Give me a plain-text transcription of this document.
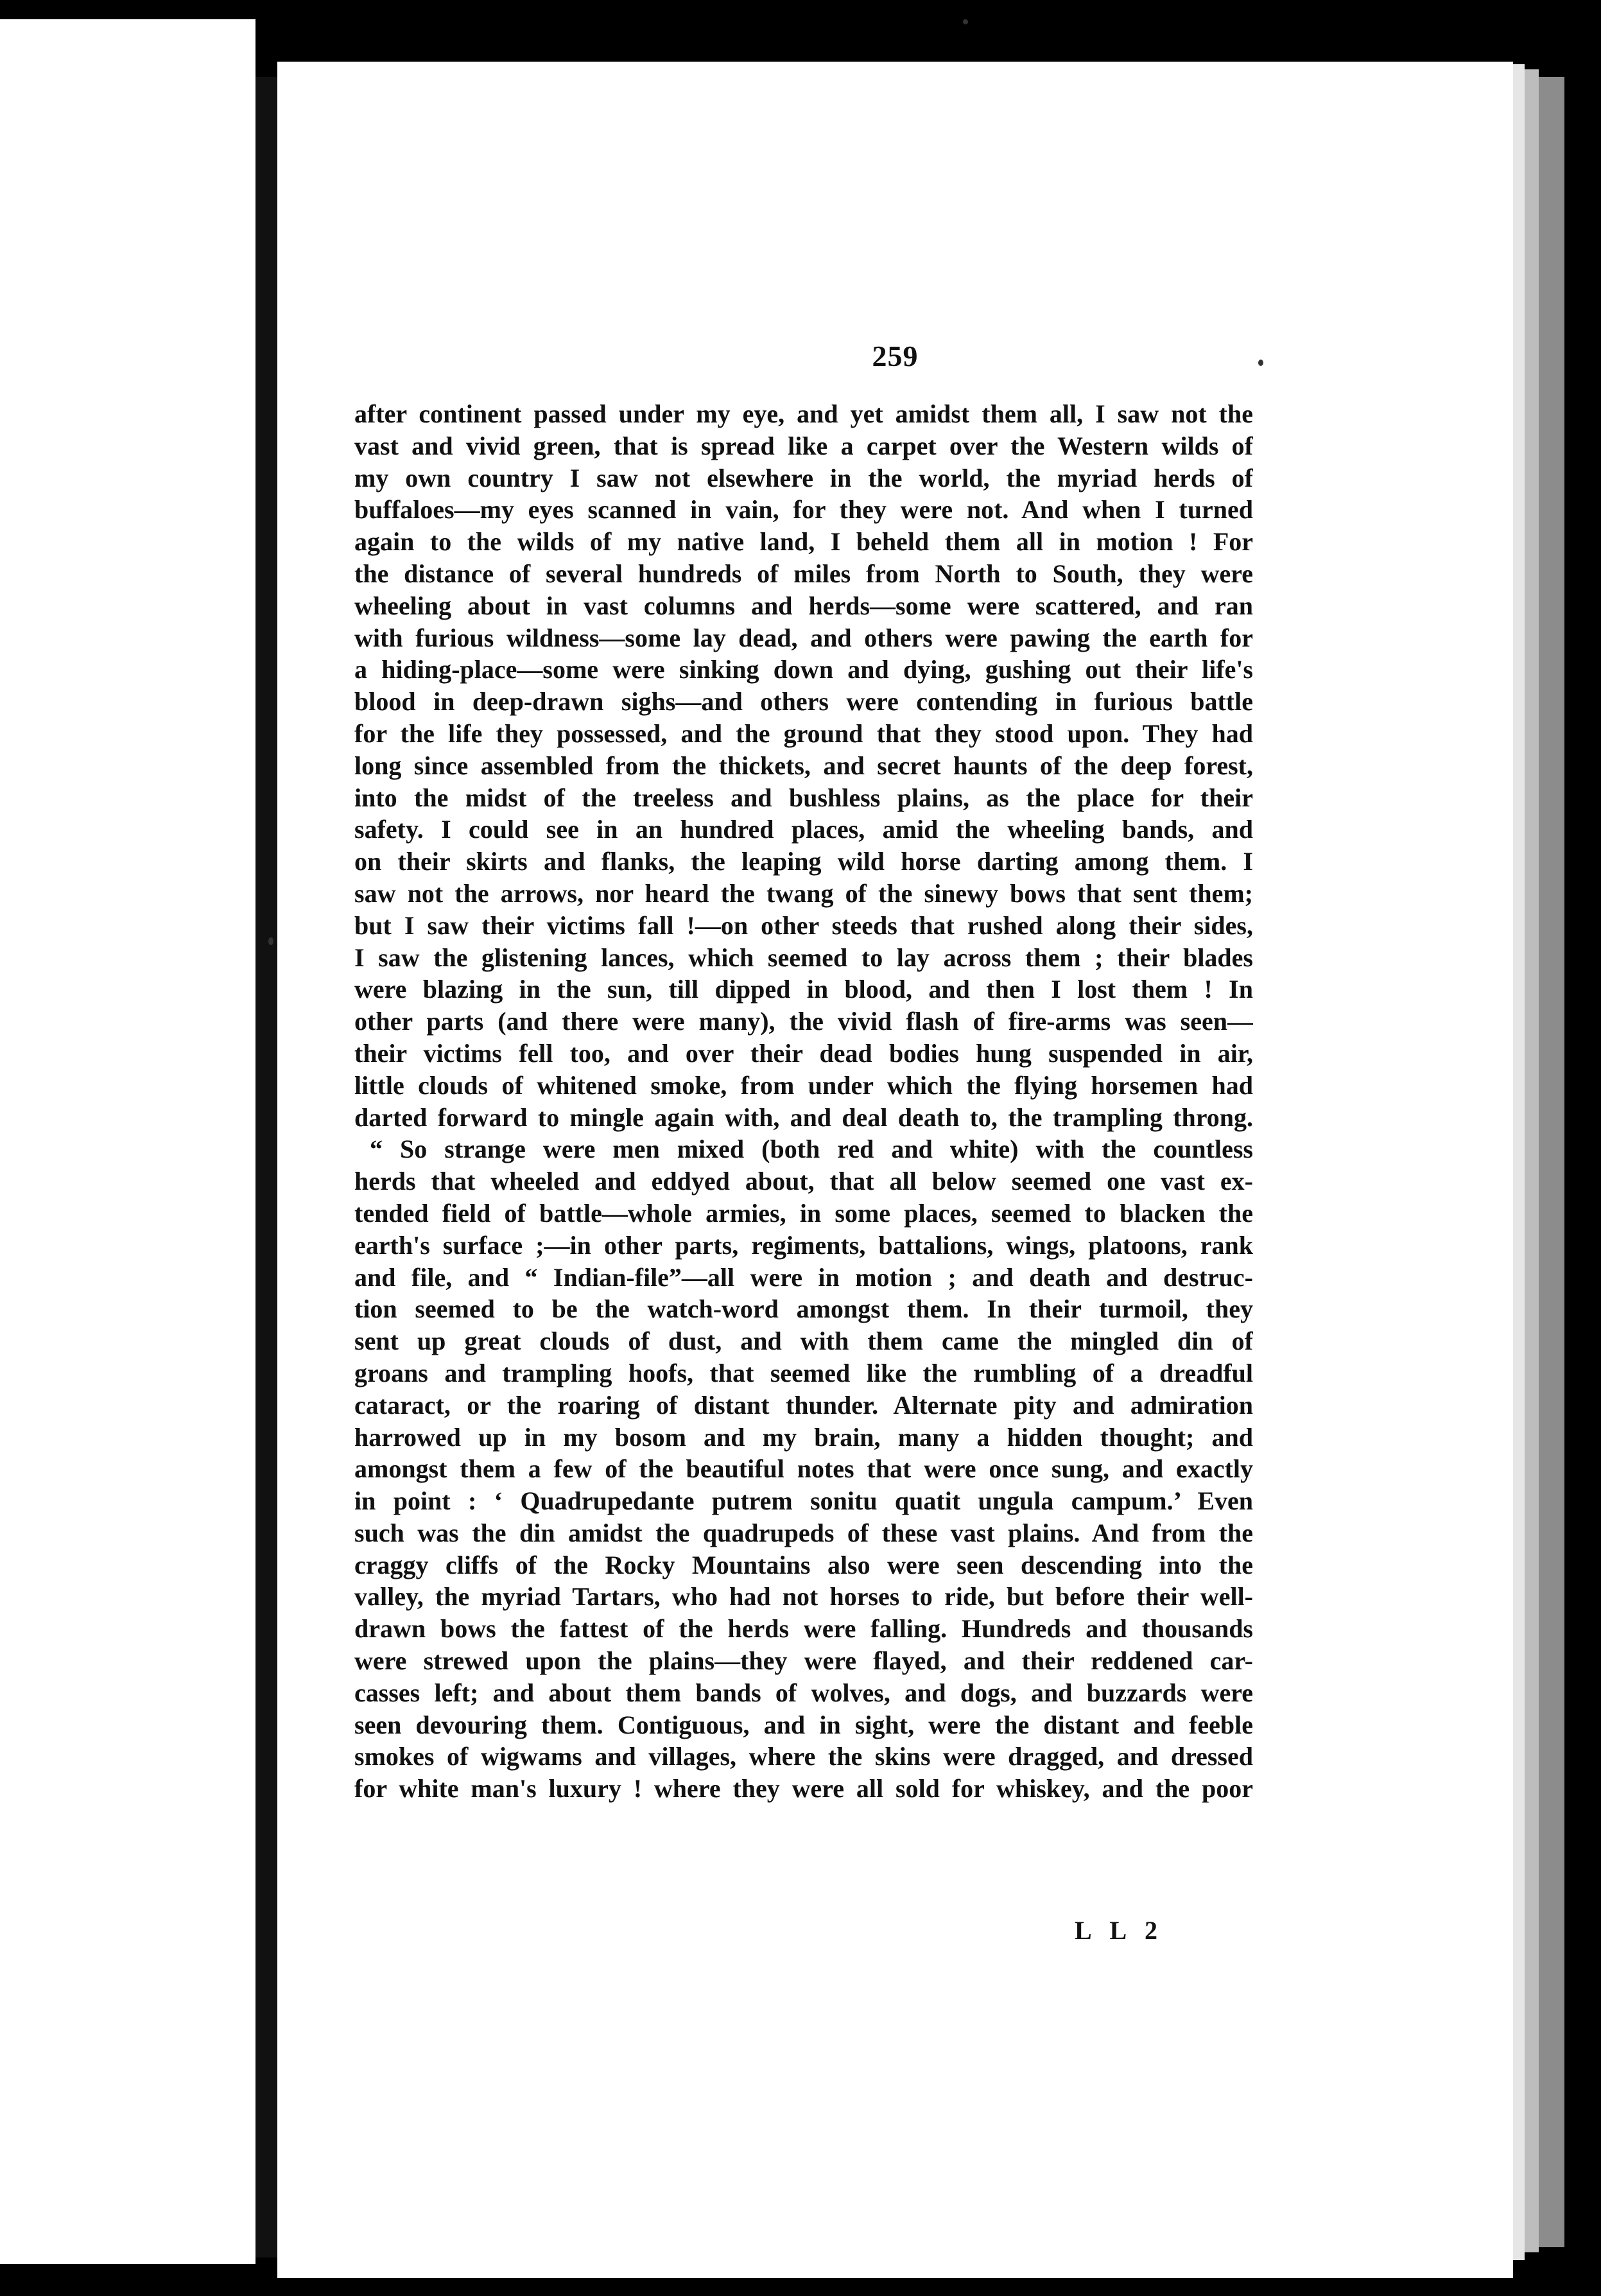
259
after continent passed under my eye, and yet amidst them all, I saw not the
vast and vivid green, that is spread like a carpet over the Western wilds of
my own country I saw not elsewhere in the world, the myriad herds of
buffaloes—my eyes scanned in vain, for they were not. And when I turned
again to the wilds of my native land, I beheld them all in motion ! For
the distance of several hundreds of miles from North to South, they were
wheeling about in vast columns and herds—some were scattered, and ran
with furious wildness—some lay dead, and others were pawing the earth for
a hiding-place—some were sinking down and dying, gushing out their life's
blood in deep-drawn sighs—and others were contending in furious battle
for the life they possessed, and the ground that they stood upon. They had
long since assembled from the thickets, and secret haunts of the deep forest,
into the midst of the treeless and bushless plains, as the place for their
safety. I could see in an hundred places, amid the wheeling bands, and
on their skirts and flanks, the leaping wild horse darting among them. I
saw not the arrows, nor heard the twang of the sinewy bows that sent them;
but I saw their victims fall !—on other steeds that rushed along their sides,
I saw the glistening lances, which seemed to lay across them ; their blades
were blazing in the sun, till dipped in blood, and then I lost them ! In
other parts (and there were many), the vivid flash of fire-arms was seen—
their victims fell too, and over their dead bodies hung suspended in air,
little clouds of whitened smoke, from under which the flying horsemen had
darted forward to mingle again with, and deal death to, the trampling throng.
“ So strange were men mixed (both red and white) with the countless
herds that wheeled and eddyed about, that all below seemed one vast ex-
tended field of battle—whole armies, in some places, seemed to blacken the
earth's surface ;—in other parts, regiments, battalions, wings, platoons, rank
and file, and “ Indian-file”—all were in motion ; and death and destruc-
tion seemed to be the watch-word amongst them. In their turmoil, they
sent up great clouds of dust, and with them came the mingled din of
groans and trampling hoofs, that seemed like the rumbling of a dreadful
cataract, or the roaring of distant thunder. Alternate pity and admiration
harrowed up in my bosom and my brain, many a hidden thought; and
amongst them a few of the beautiful notes that were once sung, and exactly
in point : ‘ Quadrupedante putrem sonitu quatit ungula campum.’ Even
such was the din amidst the quadrupeds of these vast plains. And from the
craggy cliffs of the Rocky Mountains also were seen descending into the
valley, the myriad Tartars, who had not horses to ride, but before their well-
drawn bows the fattest of the herds were falling. Hundreds and thousands
were strewed upon the plains—they were flayed, and their reddened car-
casses left; and about them bands of wolves, and dogs, and buzzards were
seen devouring them. Contiguous, and in sight, were the distant and feeble
smokes of wigwams and villages, where the skins were dragged, and dressed
for white man's luxury ! where they were all sold for whiskey, and the poor
L L 2
